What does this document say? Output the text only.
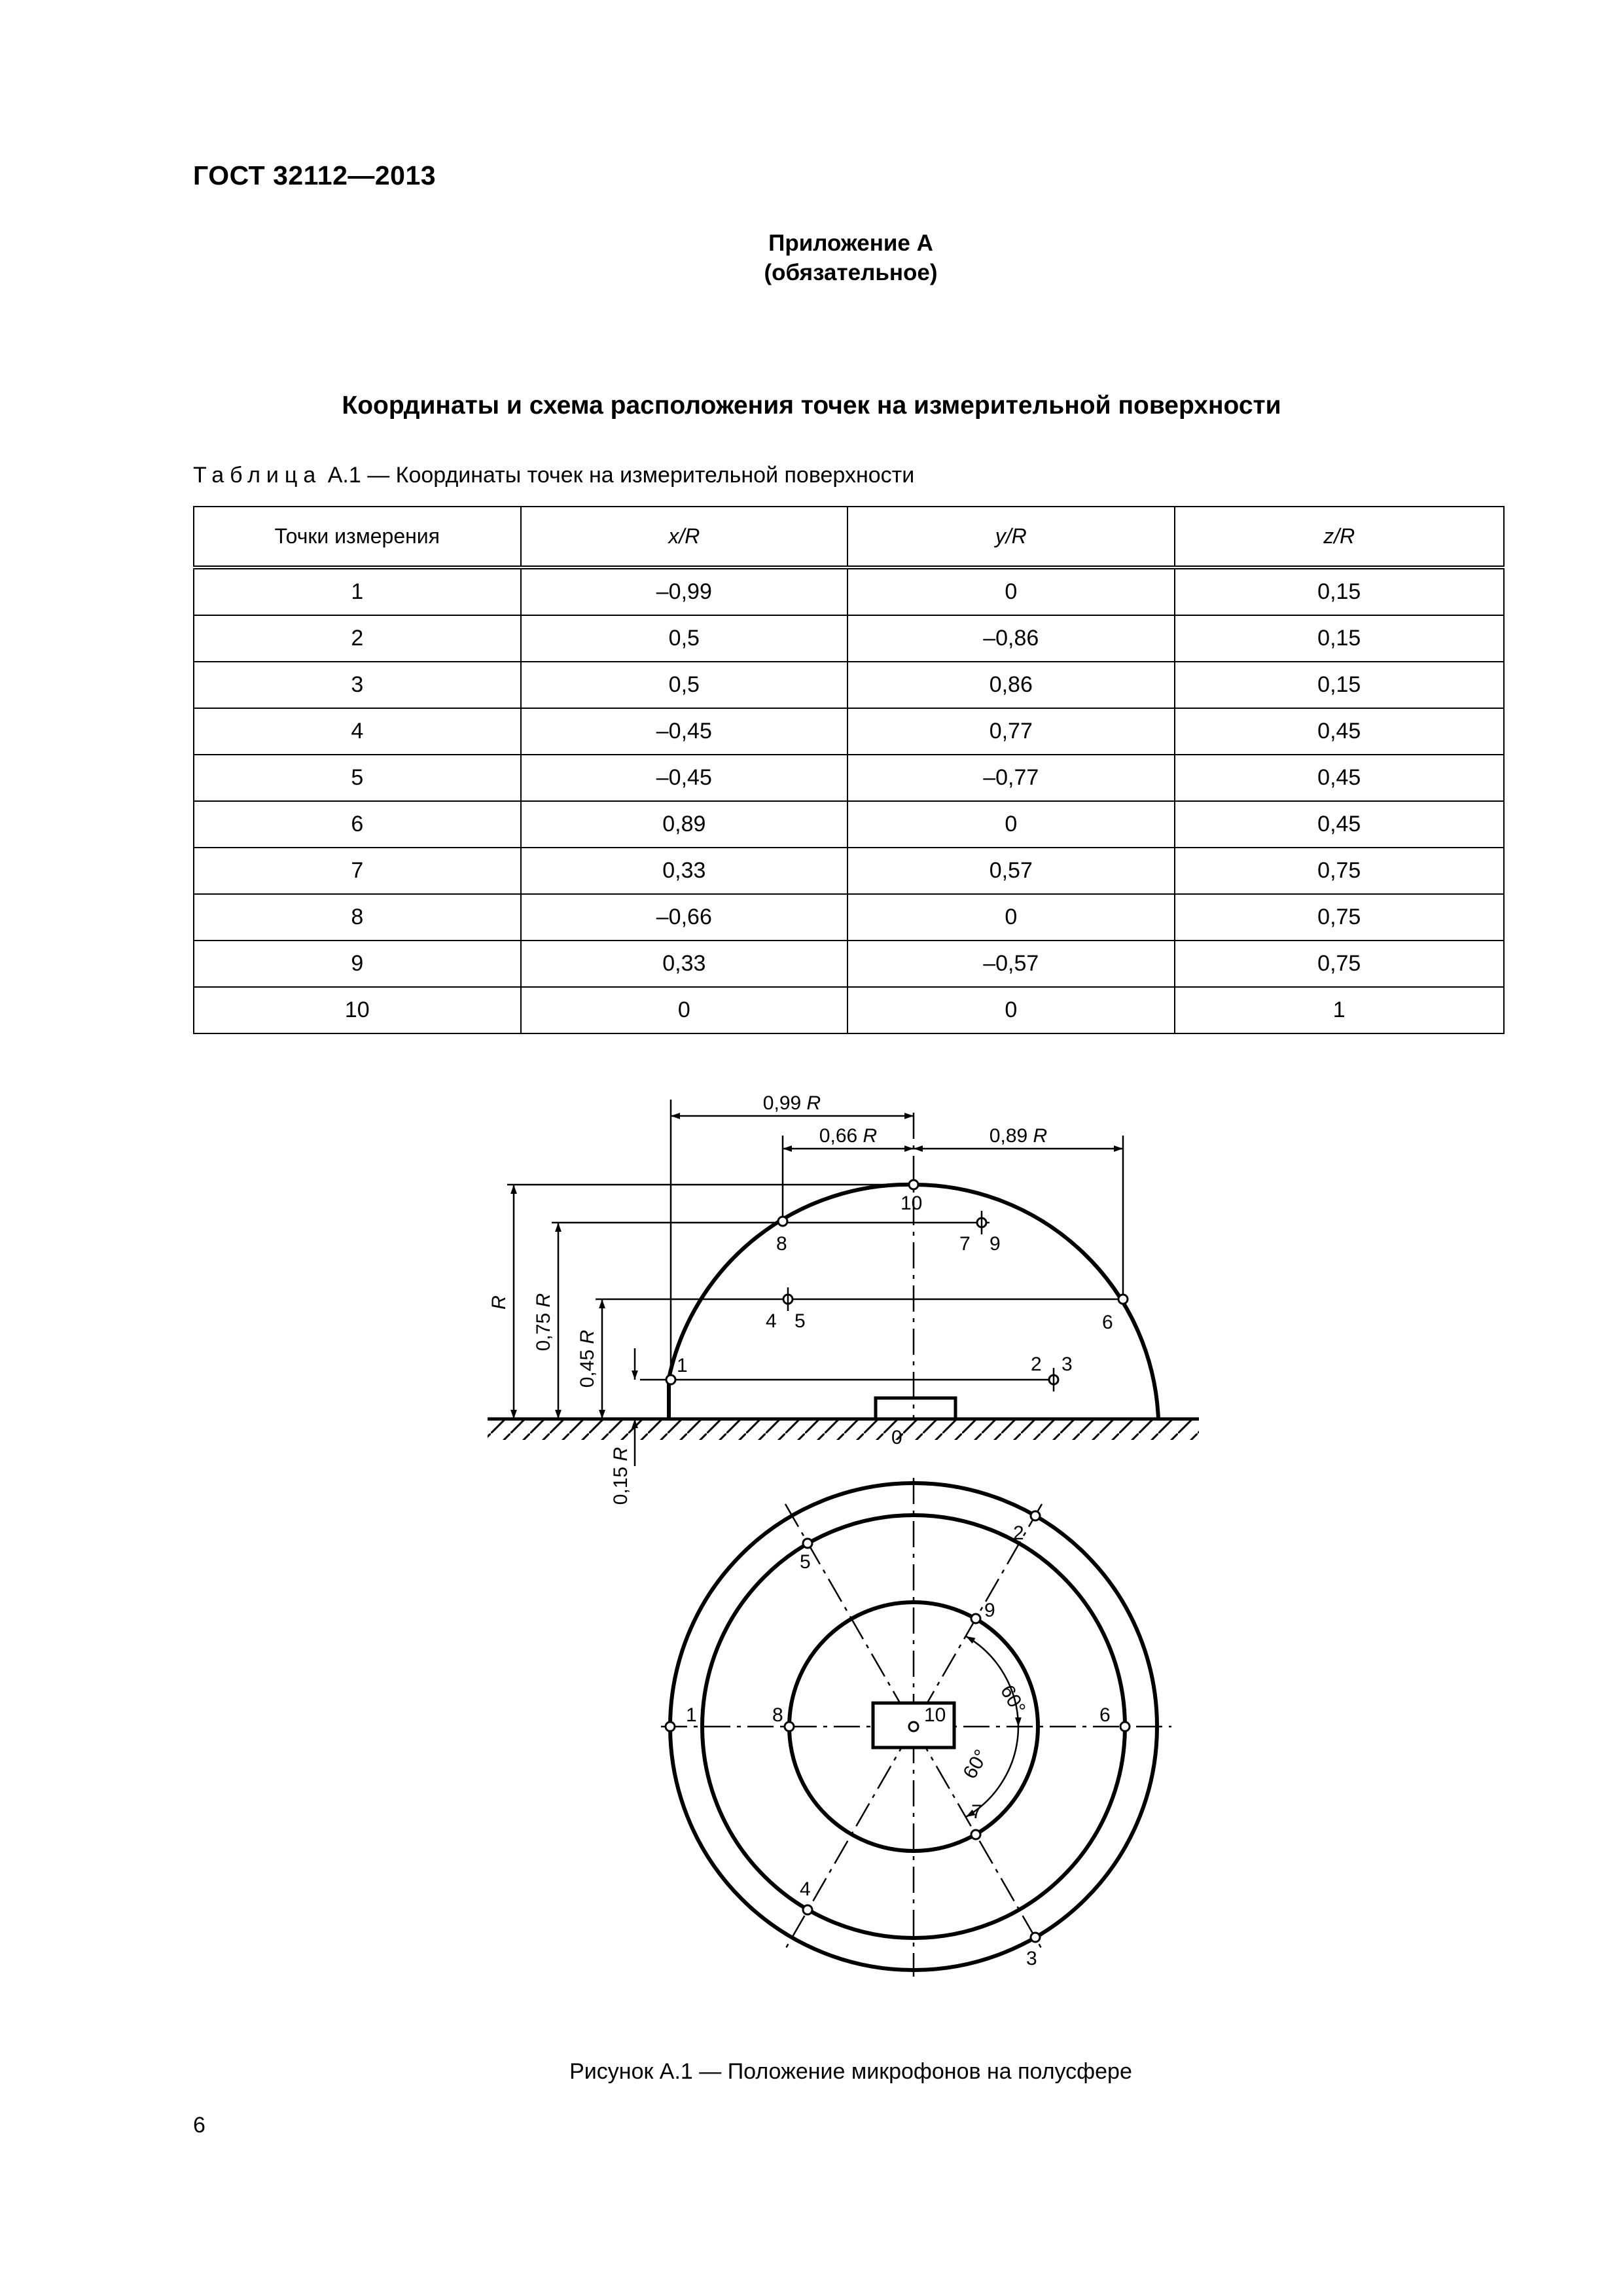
ГОСТ 32112—2013
Приложение А
(обязательное)
Координаты и схема расположения точек на измерительной поверхности
Таблица А.1 — Координаты точек на измерительной поверхности
Точки измерения	x/R	y/R	z/R
1	–0,99	0	0,15
2	0,5	–0,86	0,15
3	0,5	0,86	0,15
4	–0,45	0,77	0,45
5	–0,45	–0,77	0,45
6	0,89	0	0,45
7	0,33	0,57	0,75
8	–0,66	0	0,75
9	0,33	–0,57	0,75
10	0	0	1
0,99 R
0,66 R	0,89 R
R
0,75 R
0,45 R
0,15 R
10
8	7 9
4 5	6
1	2 3
0
1
2
3
4
5
6
7
8
9
10	60°
60°
Рисунок А.1 — Положение микрофонов на полусфере
6
